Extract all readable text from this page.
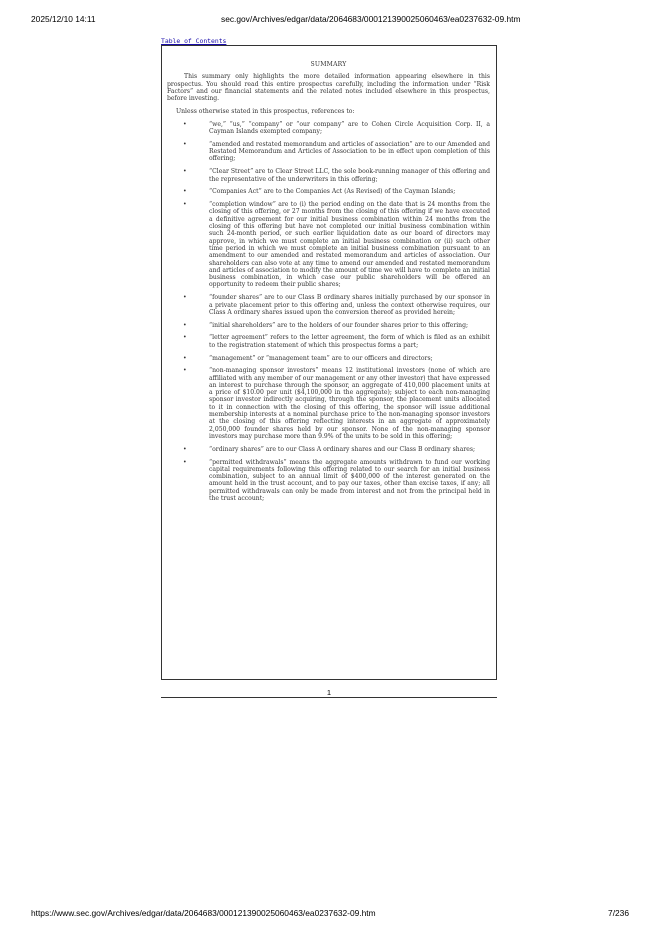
2025/12/10 14:11	sec.gov/Archives/edgar/data/2064683/000121390025060463/ea0237632-09.htm
Table of Contents

SUMMARY

This summary only highlights the more detailed information appearing elsewhere in this prospectus. You should read this entire prospectus carefully, including the information under “Risk Factors” and our financial statements and the related notes included elsewhere in this prospectus, before investing.

Unless otherwise stated in this prospectus, references to:

•	“we,” “us,” “company” or “our company” are to Cohen Circle Acquisition Corp. II, a Cayman Islands exempted company;
•	“amended and restated memorandum and articles of association” are to our Amended and Restated Memorandum and Articles of Association to be in effect upon completion of this offering;
•	“Clear Street” are to Clear Street LLC, the sole book-running manager of this offering and the representative of the underwriters in this offering;
•	“Companies Act” are to the Companies Act (As Revised) of the Cayman Islands;
•	“completion window” are to (i) the period ending on the date that is 24 months from the closing of this offering, or 27 months from the closing of this offering if we have executed a definitive agreement for our initial business combination within 24 months from the closing of this offering but have not completed our initial business combination within such 24-month period, or such earlier liquidation date as our board of directors may approve, in which we must complete an initial business combination or (ii) such other time period in which we must complete an initial business combination pursuant to an amendment to our amended and restated memorandum and articles of association. Our shareholders can also vote at any time to amend our amended and restated memorandum and articles of association to modify the amount of time we will have to complete an initial business combination, in which case our public shareholders will be offered an opportunity to redeem their public shares;
•	“founder shares” are to our Class B ordinary shares initially purchased by our sponsor in a private placement prior to this offering and, unless the context otherwise requires, our Class A ordinary shares issued upon the conversion thereof as provided herein;
•	“initial shareholders” are to the holders of our founder shares prior to this offering;
•	“letter agreement” refers to the letter agreement, the form of which is filed as an exhibit to the registration statement of which this prospectus forms a part;
•	“management” or “management team” are to our officers and directors;
•	“non-managing sponsor investors” means 12 institutional investors (none of which are affiliated with any member of our management or any other investor) that have expressed an interest to purchase through the sponsor, an aggregate of 410,000 placement units at a price of $10.00 per unit ($4,100,000 in the aggregate); subject to each non-managing sponsor investor indirectly acquiring, through the sponsor, the placement units allocated to it in connection with the closing of this offering, the sponsor will issue additional membership interests at a nominal purchase price to the non-managing sponsor investors at the closing of this offering reflecting interests in an aggregate of approximately 2,050,000 founder shares held by our sponsor. None of the non-managing sponsor investors may purchase more than 9.9% of the units to be sold in this offering;
•	“ordinary shares” are to our Class A ordinary shares and our Class B ordinary shares;
•	“permitted withdrawals” means the aggregate amounts withdrawn to fund our working capital requirements following this offering related to our search for an initial business combination, subject to an annual limit of $400,000 of the interest generated on the amount held in the trust account, and to pay our taxes, other than excise taxes, if any; all permitted withdrawals can only be made from interest and not from the principal held in the trust account;
1
https://www.sec.gov/Archives/edgar/data/2064683/000121390025060463/ea0237632-09.htm	7/236
